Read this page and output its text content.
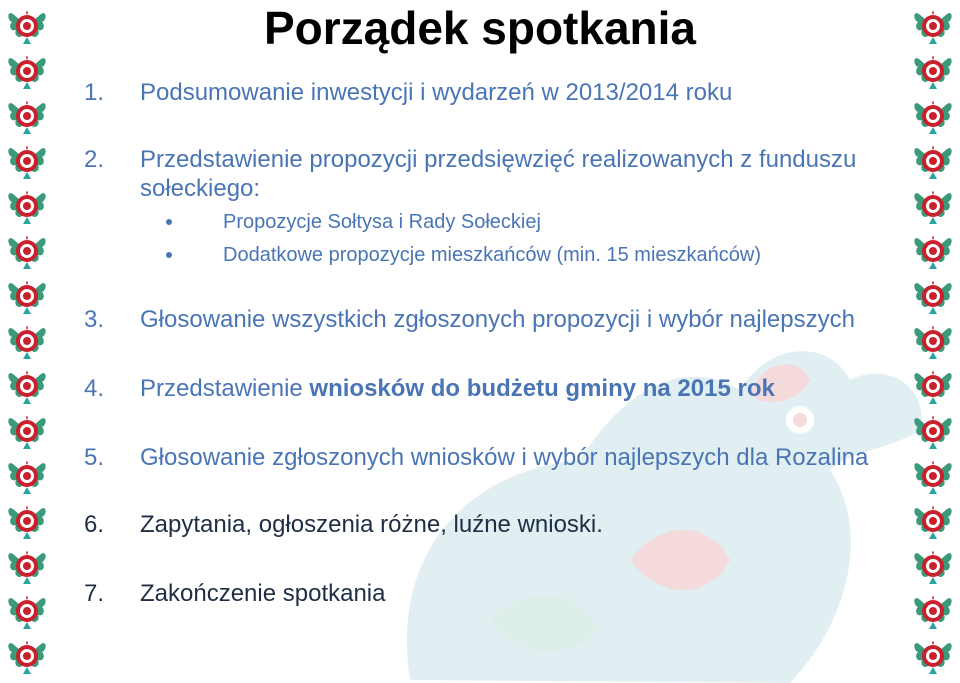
Porządek spotkania
1.	Podsumowanie inwestycji i wydarzeń w 2013/2014 roku
2.	Przedstawienie propozycji przedsięwzięć realizowanych z funduszu sołeckiego:
Propozycje Sołtysa i Rady Sołeckiej
Dodatkowe propozycje mieszkańców (min. 15 mieszkańców)
3.	Głosowanie wszystkich zgłoszonych propozycji i wybór najlepszych
4.	Przedstawienie wniosków do budżetu gminy na 2015 rok
5.	Głosowanie zgłoszonych wniosków i wybór najlepszych dla Rozalina
6.	Zapytania, ogłoszenia różne, luźne wnioski.
7.	Zakończenie spotkania
